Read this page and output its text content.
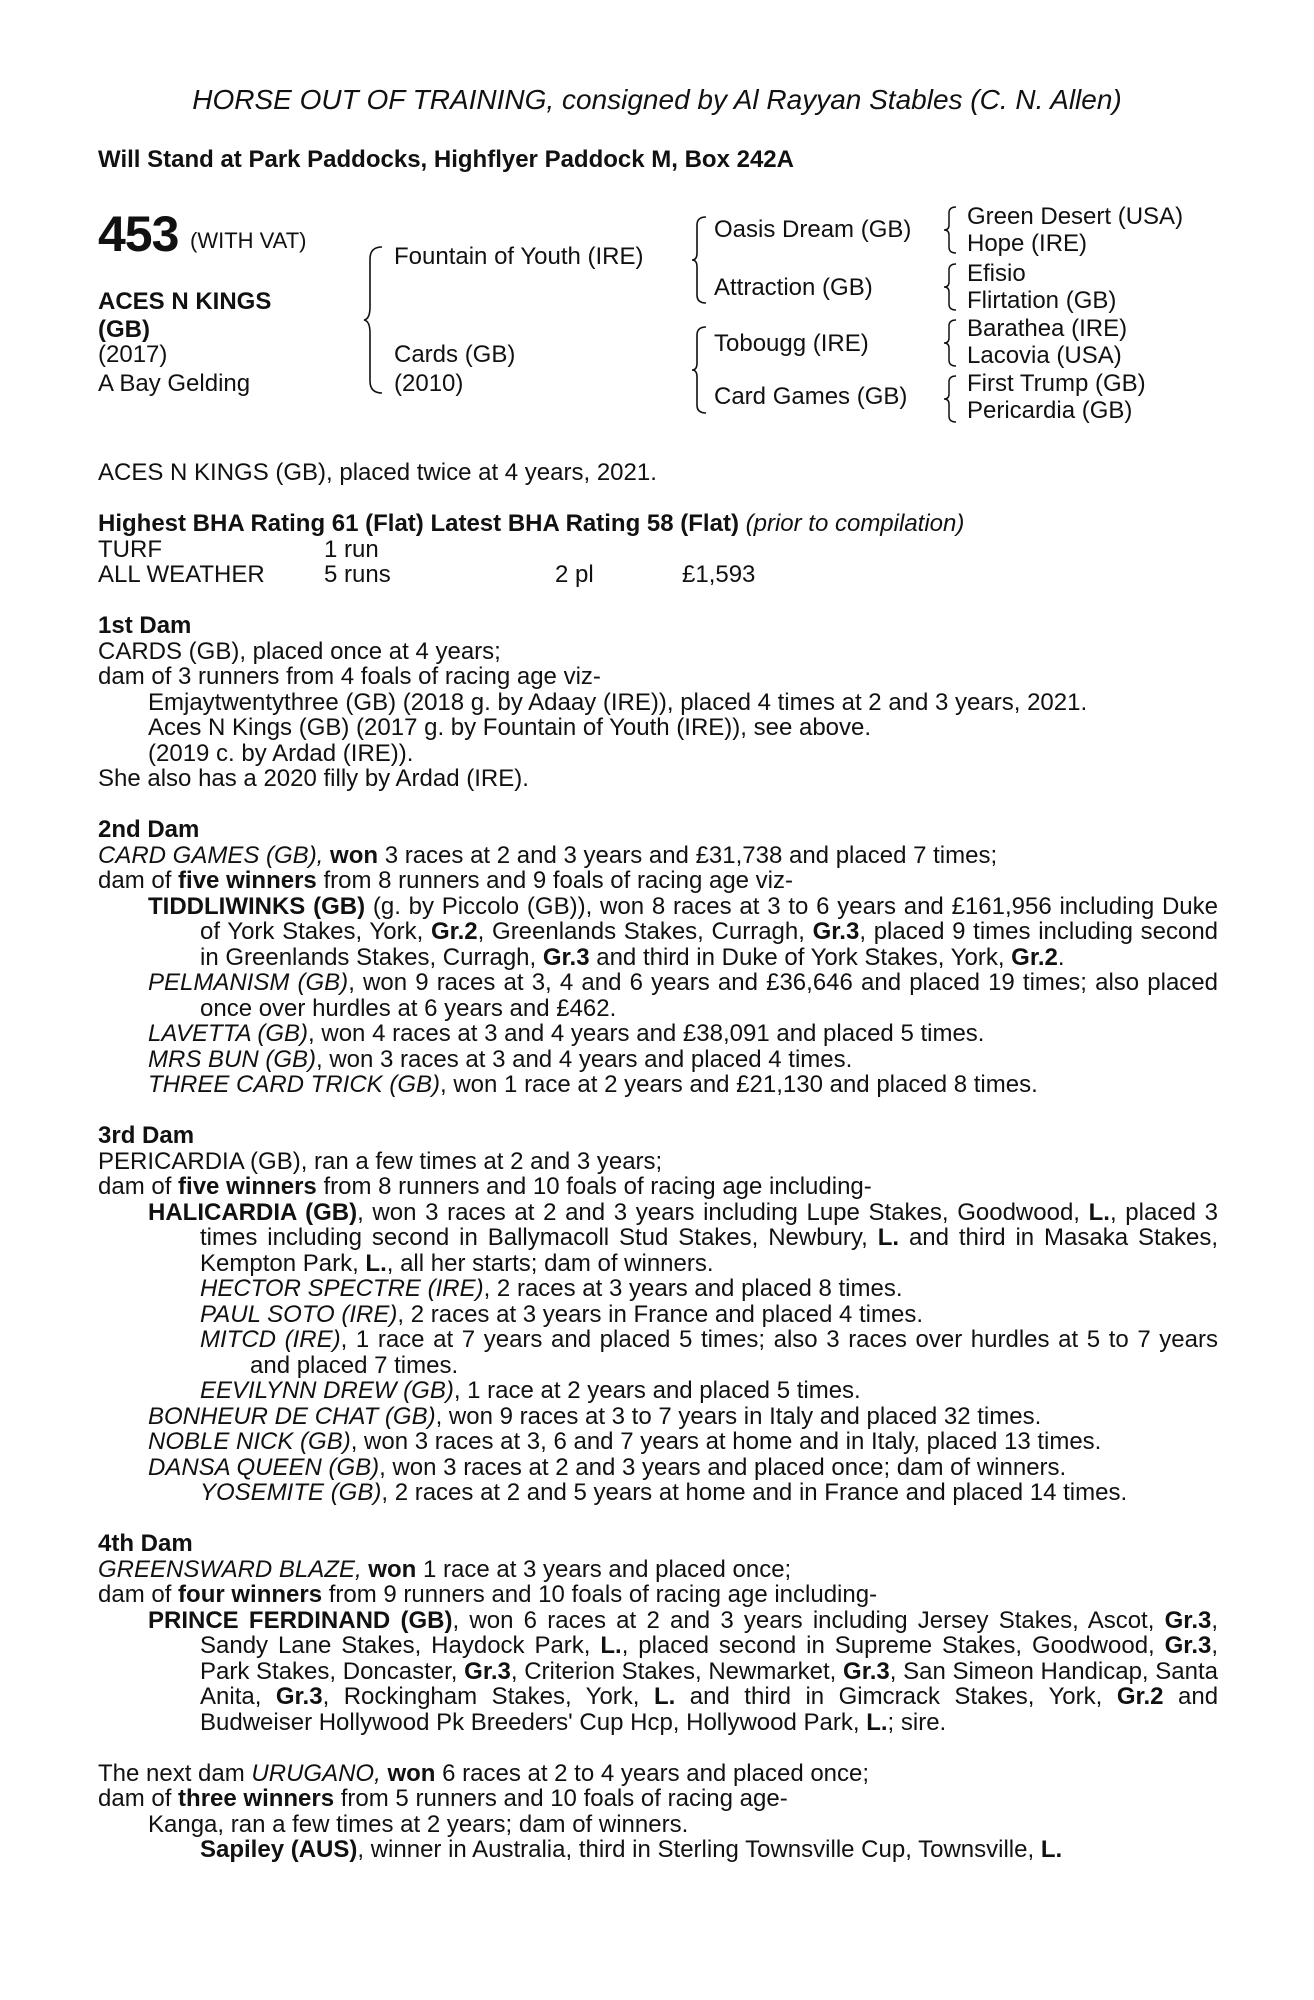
HORSE OUT OF TRAINING, consigned by Al Rayyan Stables (C. N. Allen)
Will Stand at Park Paddocks, Highflyer Paddock M, Box 242A
453 (WITH VAT)
ACES N KINGS
(GB)
(2017)
A Bay Gelding
Fountain of Youth (IRE)
Cards (GB)
(2010)
Oasis Dream (GB)
Attraction (GB)
Tobougg (IRE)
Card Games (GB)
Green Desert (USA)
Hope (IRE)
Efisio
Flirtation (GB)
Barathea (IRE)
Lacovia (USA)
First Trump (GB)
Pericardia (GB)
ACES N KINGS (GB), placed twice at 4 years, 2021.
Highest BHA Rating 61 (Flat) Latest BHA Rating 58 (Flat) (prior to compilation)
TURF	1 run
ALL WEATHER 5 runs	2 pl	£1,593
1st Dam
CARDS (GB), placed once at 4 years;
dam of 3 runners from 4 foals of racing age viz-
Emjaytwentythree (GB) (2018 g. by Adaay (IRE)), placed 4 times at 2 and 3 years, 2021.
Aces N Kings (GB) (2017 g. by Fountain of Youth (IRE)), see above.
(2019 c. by Ardad (IRE)).
She also has a 2020 filly by Ardad (IRE).
2nd Dam
CARD GAMES (GB), won 3 races at 2 and 3 years and £31,738 and placed 7 times;
dam of five winners from 8 runners and 9 foals of racing age viz-
TIDDLIWINKS (GB) (g. by Piccolo (GB)), won 8 races at 3 to 6 years and £161,956 including Duke of York Stakes, York, Gr.2, Greenlands Stakes, Curragh, Gr.3, placed 9 times including second in Greenlands Stakes, Curragh, Gr.3 and third in Duke of York Stakes, York, Gr.2.
PELMANISM (GB), won 9 races at 3, 4 and 6 years and £36,646 and placed 19 times; also placed once over hurdles at 6 years and £462.
LAVETTA (GB), won 4 races at 3 and 4 years and £38,091 and placed 5 times.
MRS BUN (GB), won 3 races at 3 and 4 years and placed 4 times.
THREE CARD TRICK (GB), won 1 race at 2 years and £21,130 and placed 8 times.
3rd Dam
PERICARDIA (GB), ran a few times at 2 and 3 years;
dam of five winners from 8 runners and 10 foals of racing age including-
HALICARDIA (GB), won 3 races at 2 and 3 years including Lupe Stakes, Goodwood, L., placed 3 times including second in Ballymacoll Stud Stakes, Newbury, L. and third in Masaka Stakes, Kempton Park, L., all her starts; dam of winners.
HECTOR SPECTRE (IRE), 2 races at 3 years and placed 8 times.
PAUL SOTO (IRE), 2 races at 3 years in France and placed 4 times.
MITCD (IRE), 1 race at 7 years and placed 5 times; also 3 races over hurdles at 5 to 7 years and placed 7 times.
EEVILYNN DREW (GB), 1 race at 2 years and placed 5 times.
BONHEUR DE CHAT (GB), won 9 races at 3 to 7 years in Italy and placed 32 times.
NOBLE NICK (GB), won 3 races at 3, 6 and 7 years at home and in Italy, placed 13 times.
DANSA QUEEN (GB), won 3 races at 2 and 3 years and placed once; dam of winners.
YOSEMITE (GB), 2 races at 2 and 5 years at home and in France and placed 14 times.
4th Dam
GREENSWARD BLAZE, won 1 race at 3 years and placed once;
dam of four winners from 9 runners and 10 foals of racing age including-
PRINCE FERDINAND (GB), won 6 races at 2 and 3 years including Jersey Stakes, Ascot, Gr.3, Sandy Lane Stakes, Haydock Park, L., placed second in Supreme Stakes, Goodwood, Gr.3, Park Stakes, Doncaster, Gr.3, Criterion Stakes, Newmarket, Gr.3, San Simeon Handicap, Santa Anita, Gr.3, Rockingham Stakes, York, L. and third in Gimcrack Stakes, York, Gr.2 and Budweiser Hollywood Pk Breeders' Cup Hcp, Hollywood Park, L.; sire.
The next dam URUGANO, won 6 races at 2 to 4 years and placed once;
dam of three winners from 5 runners and 10 foals of racing age-
Kanga, ran a few times at 2 years; dam of winners.
Sapiley (AUS), winner in Australia, third in Sterling Townsville Cup, Townsville, L.
